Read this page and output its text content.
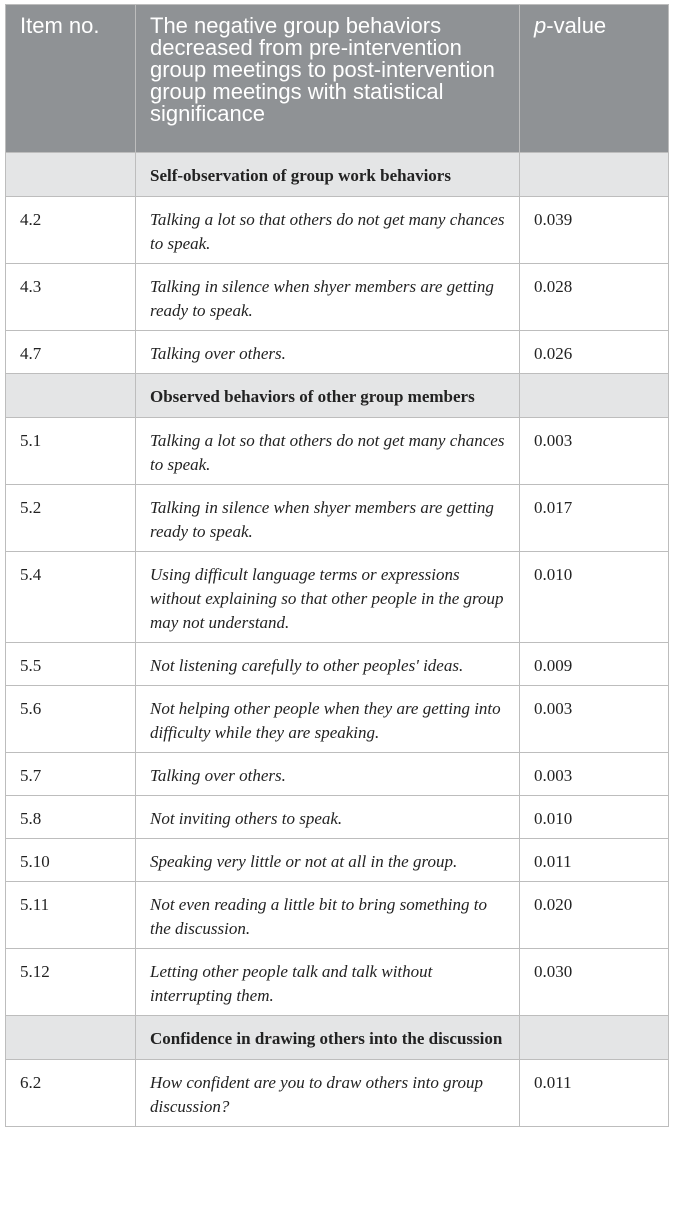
Item no.	The negative group behaviors decreased from pre-intervention group meetings to post-intervention group meetings with statistical significance	p-value
	Self-observation of group work behaviors	
4.2	Talking a lot so that others do not get many chances to speak.	0.039
4.3	Talking in silence when shyer members are getting ready to speak.	0.028
4.7	Talking over others.	0.026
	Observed behaviors of other group members	
5.1	Talking a lot so that others do not get many chances to speak.	0.003
5.2	Talking in silence when shyer members are getting ready to speak.	0.017
5.4	Using difficult language terms or expressions without explaining so that other people in the group may not understand.	0.010
5.5	Not listening carefully to other peoples' ideas.	0.009
5.6	Not helping other people when they are getting into difficulty while they are speaking.	0.003
5.7	Talking over others.	0.003
5.8	Not inviting others to speak.	0.010
5.10	Speaking very little or not at all in the group.	0.011
5.11	Not even reading a little bit to bring something to the discussion.	0.020
5.12	Letting other people talk and talk without interrupting them.	0.030
	Confidence in drawing others into the discussion	
6.2	How confident are you to draw others into group discussion?	0.011
